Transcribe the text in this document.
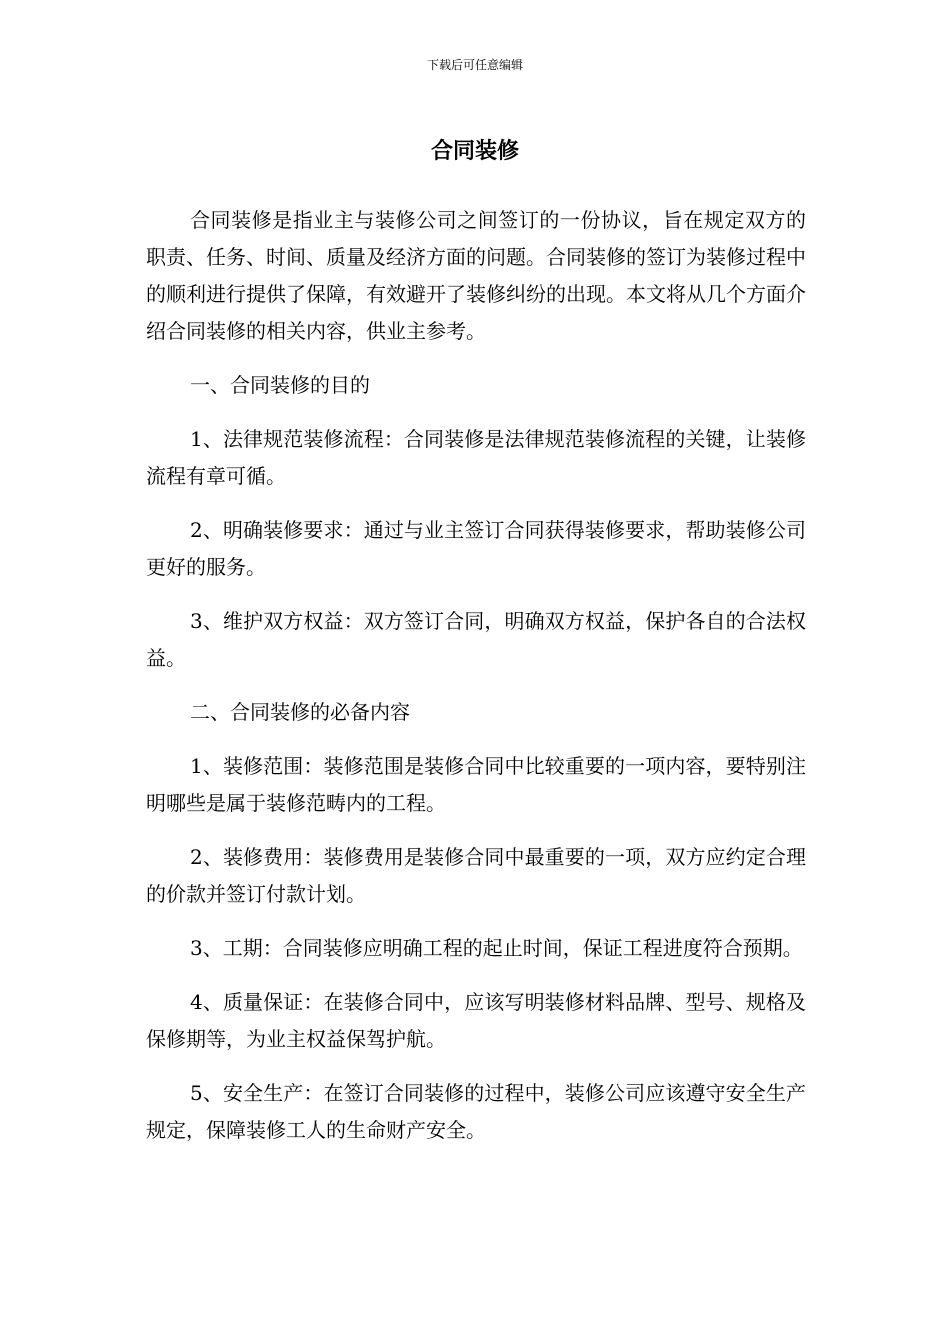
下载后可任意编辑
合同装修

合同装修是指业主与装修公司之间签订的一份协议，旨在规定双方的职责、任务、时间、质量及经济方面的问题。合同装修的签订为装修过程中的顺利进行提供了保障，有效避开了装修纠纷的出现。本文将从几个方面介绍合同装修的相关内容，供业主参考。

一、合同装修的目的

1、法律规范装修流程：合同装修是法律规范装修流程的关键，让装修流程有章可循。

2、明确装修要求：通过与业主签订合同获得装修要求，帮助装修公司更好的服务。

3、维护双方权益：双方签订合同，明确双方权益，保护各自的合法权益。

二、合同装修的必备内容

1、装修范围：装修范围是装修合同中比较重要的一项内容，要特别注明哪些是属于装修范畴内的工程。

2、装修费用：装修费用是装修合同中最重要的一项，双方应约定合理的价款并签订付款计划。

3、工期：合同装修应明确工程的起止时间，保证工程进度符合预期。

4、质量保证：在装修合同中，应该写明装修材料品牌、型号、规格及保修期等，为业主权益保驾护航。

5、安全生产：在签订合同装修的过程中，装修公司应该遵守安全生产规定，保障装修工人的生命财产安全。
